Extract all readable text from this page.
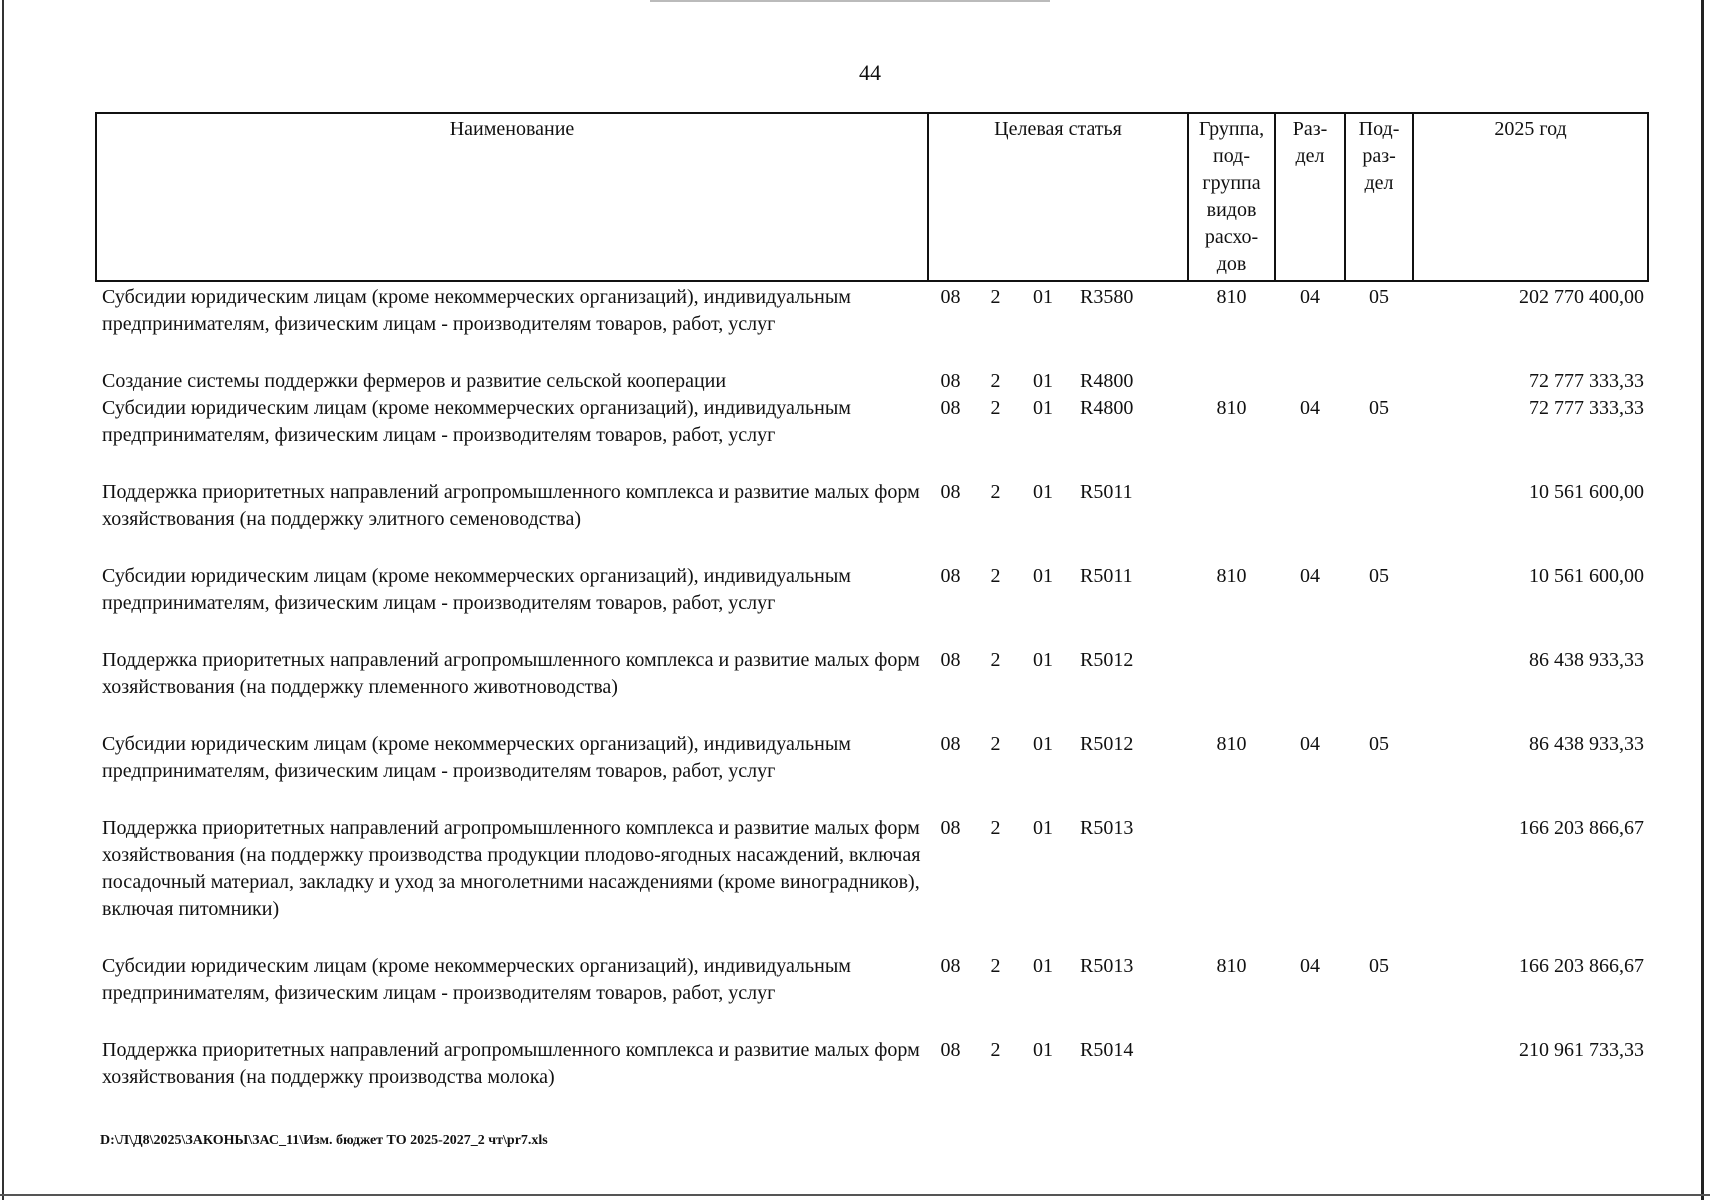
44
Наименование	Целевая статья				Группа, под- группа видов расхо- дов	Раз- дел	Под- раз- дел	2025 год
Субсидии юридическим лицам (кроме некоммерческих организаций), индивидуальным предпринимателям, физическим лицам - производителям товаров, работ, услуг	08	2	01	R3580	810	04	05	202 770 400,00
Создание системы поддержки фермеров и развитие сельской кооперации	08	2	01	R4800				72 777 333,33
Субсидии юридическим лицам (кроме некоммерческих организаций), индивидуальным предпринимателям, физическим лицам - производителям товаров, работ, услуг	08	2	01	R4800	810	04	05	72 777 333,33
Поддержка приоритетных направлений агропромышленного комплекса и развитие малых форм хозяйствования (на поддержку элитного семеноводства)	08	2	01	R5011				10 561 600,00
Субсидии юридическим лицам (кроме некоммерческих организаций), индивидуальным предпринимателям, физическим лицам - производителям товаров, работ, услуг	08	2	01	R5011	810	04	05	10 561 600,00
Поддержка приоритетных направлений агропромышленного комплекса и развитие малых форм хозяйствования (на поддержку племенного животноводства)	08	2	01	R5012				86 438 933,33
Субсидии юридическим лицам (кроме некоммерческих организаций), индивидуальным предпринимателям, физическим лицам - производителям товаров, работ, услуг	08	2	01	R5012	810	04	05	86 438 933,33
Поддержка приоритетных направлений агропромышленного комплекса и развитие малых форм хозяйствования (на поддержку производства продукции плодово-ягодных насаждений, включая посадочный материал, закладку и уход за многолетними насаждениями (кроме виноградников), включая питомники)	08	2	01	R5013				166 203 866,67
Субсидии юридическим лицам (кроме некоммерческих организаций), индивидуальным предпринимателям, физическим лицам - производителям товаров, работ, услуг	08	2	01	R5013	810	04	05	166 203 866,67
Поддержка приоритетных направлений агропромышленного комплекса и развитие малых форм хозяйствования (на поддержку производства молока)	08	2	01	R5014				210 961 733,33
D:\Л\Д8\2025\ЗАКОНЫ\ЗАС_11\Изм. бюджет ТО 2025-2027_2 чт\pr7.xls
